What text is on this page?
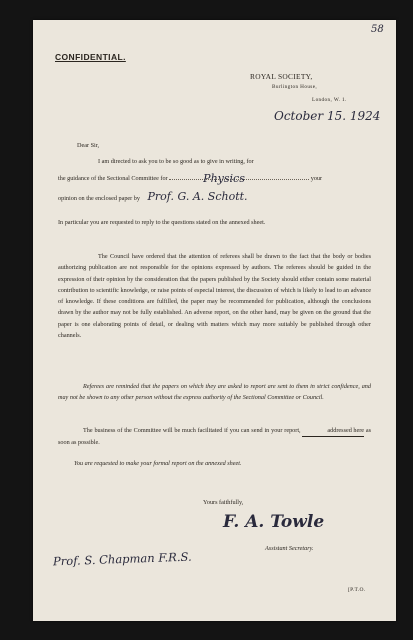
58
CONFIDENTIAL.
ROYAL SOCIETY,
Burlington House,
London, W. 1.
October 15. 1924
Dear Sir,
I am directed to ask you to be so good as to give in writing, for
the guidance of the Sectional Committee for	Physics	your
opinion on the enclosed paper by Prof. G. A. Schott.
In particular you are requested to reply to the questions stated on the annexed sheet.
The Council have ordered that the attention of referees shall be drawn to the fact that the body or bodies authorizing publication are not responsible for the opinions expressed by authors. The referees should be guided in the expression of their opinion by the consideration that the papers published by the Society should either contain some material contribution to scientific knowledge, or raise points of especial interest, the discussion of which is likely to lead to an advance of knowledge. If these conditions are fulfilled, the paper may be recommended for publication, although the conclusions drawn by the author may not be fully established. An adverse report, on the other hand, may be given on the ground that the paper is one elaborating points of detail, or dealing with matters which may more suitably be published through other channels.
Referees are reminded that the papers on which they are asked to report are sent to them in strict confidence, and may not be shown to any other person without the express authority of the Sectional Committee or Council.
The business of the Committee will be much facilitated if you can send in your report,	addressed here as soon as possible.
You are requested to make your formal report on the annexed sheet.
Yours faithfully,
F. A. Towle
Assistant Secretary.
Prof. S. Chapman F.R.S.
[P.T.O.
